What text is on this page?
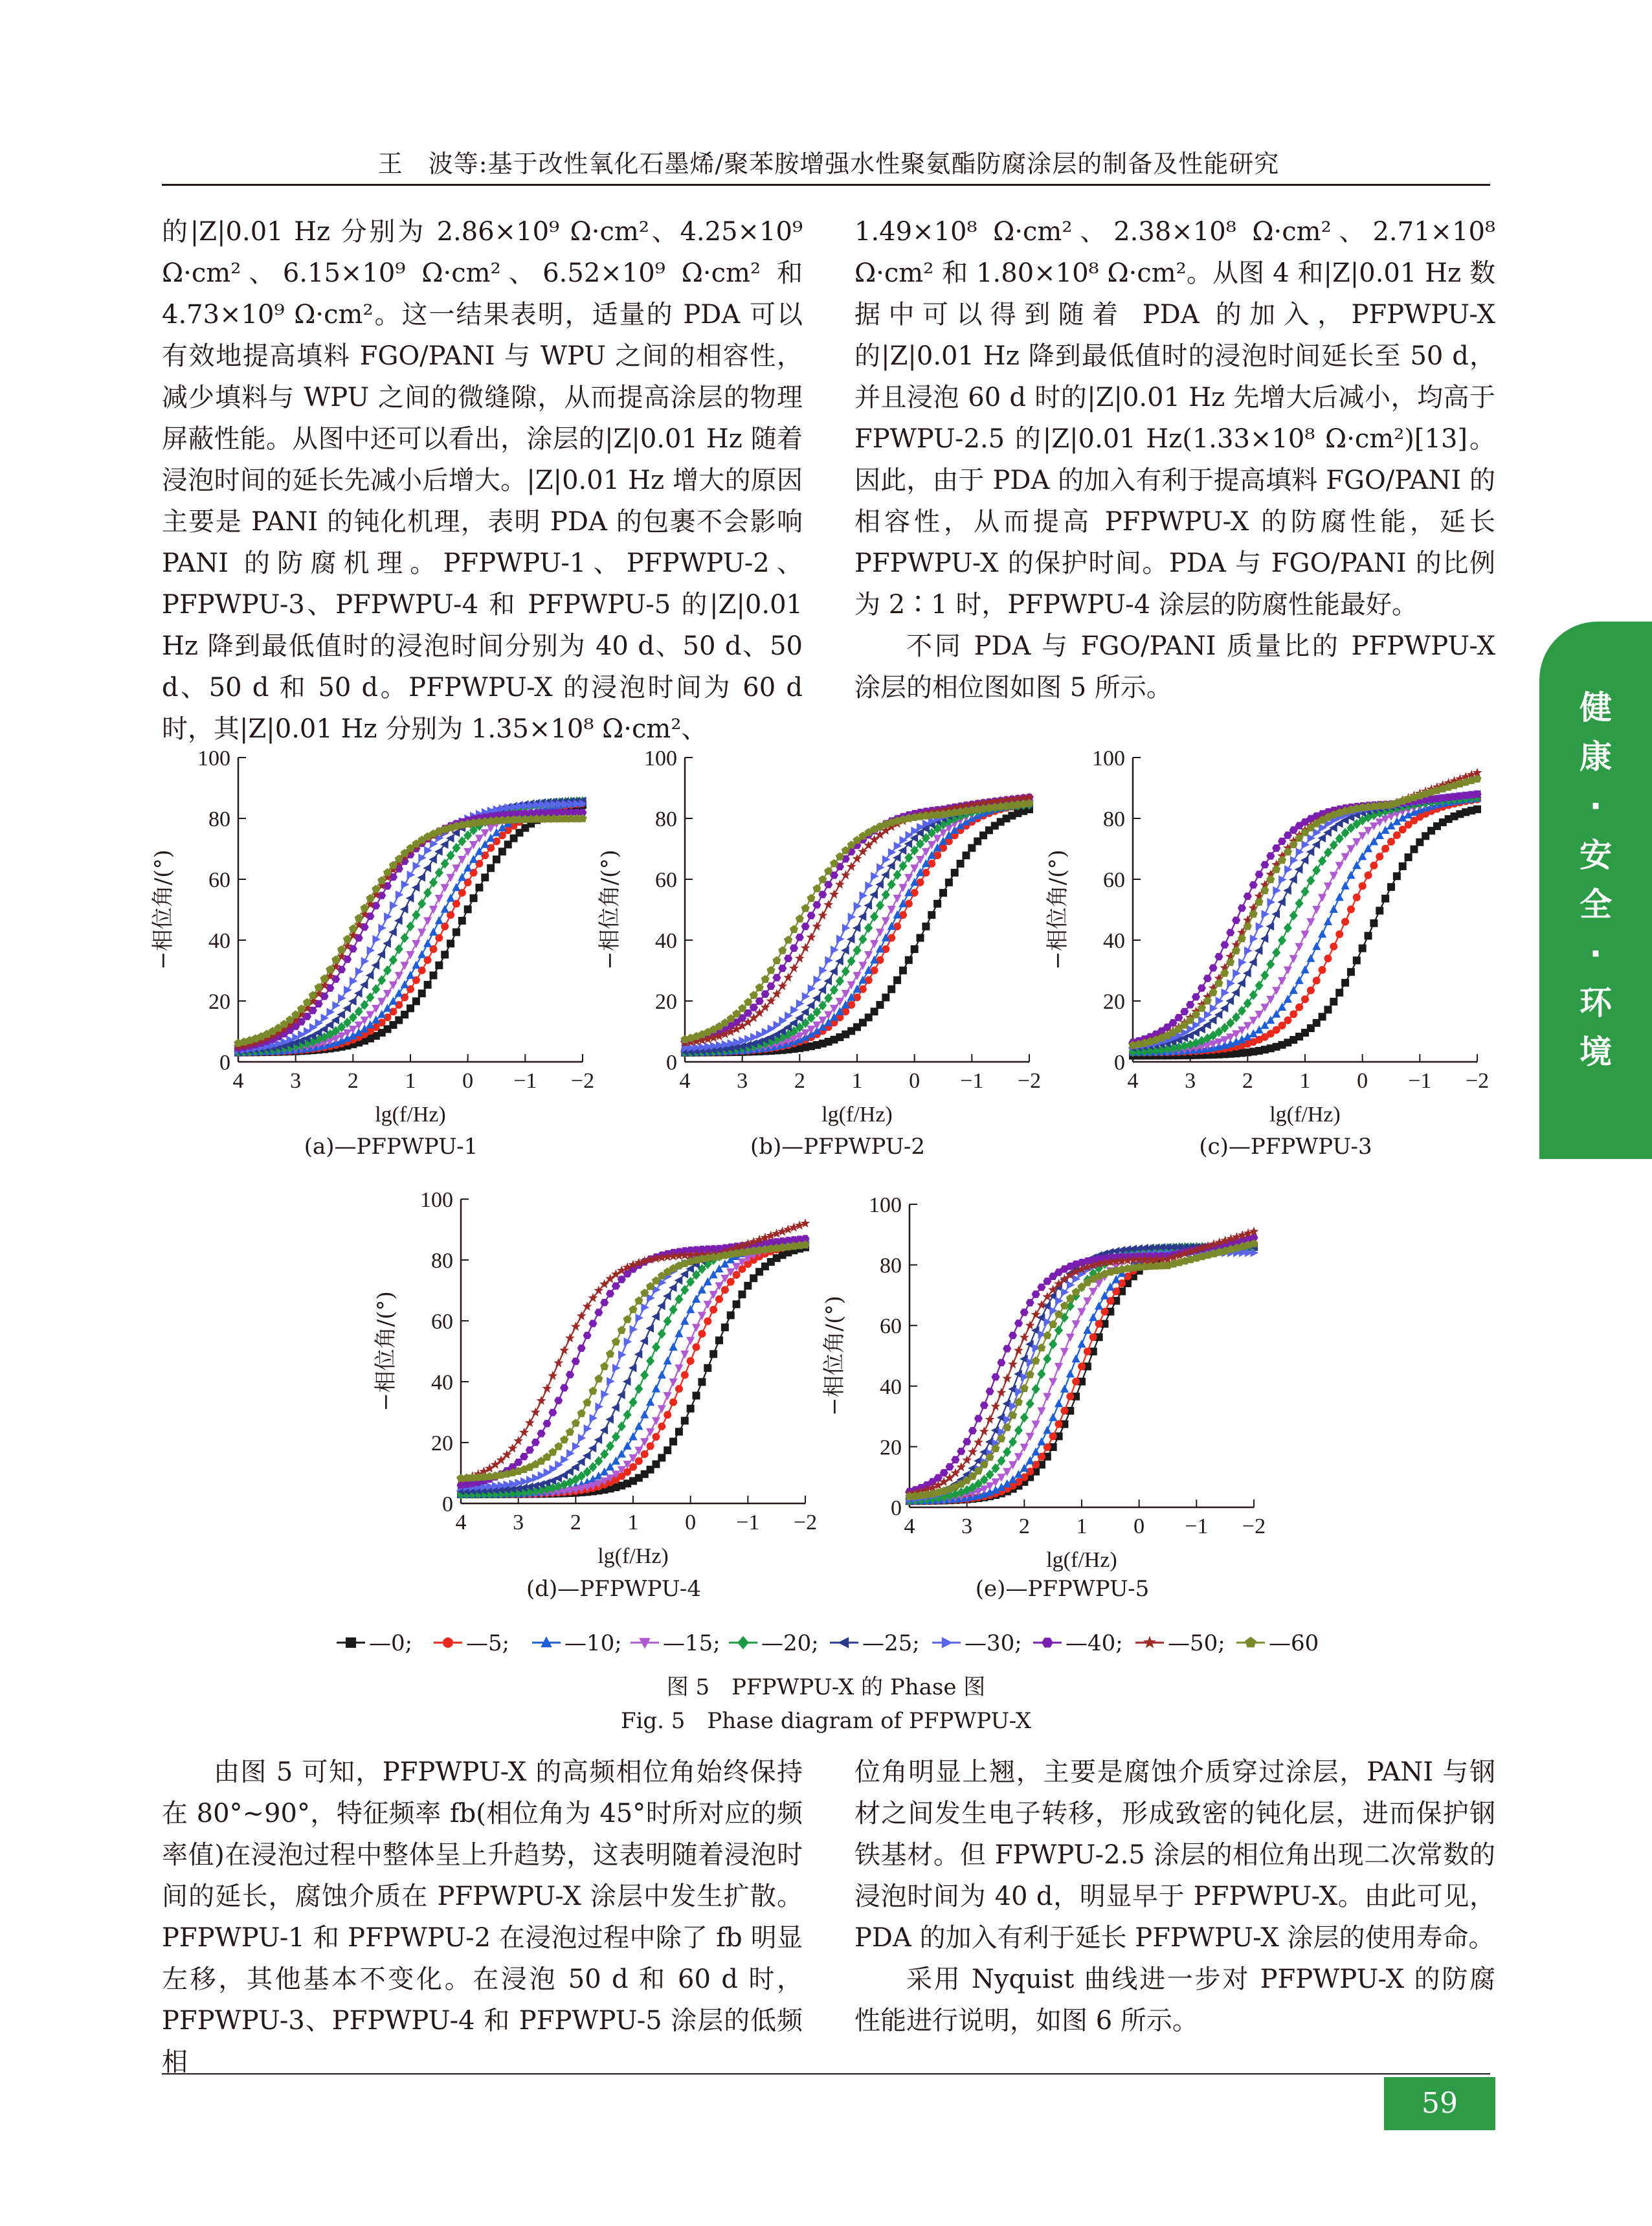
王　波等:基于改性氧化石墨烯/聚苯胺增强水性聚氨酯防腐涂层的制备及性能研究

的|Z|0.01 Hz 分别为 2.86×10⁹ Ω·cm²、4.25×10⁹ Ω·cm²、6.15×10⁹ Ω·cm²、6.52×10⁹ Ω·cm² 和 4.73×10⁹ Ω·cm²。这一结果表明，适量的 PDA 可以有效地提高填料 FGO/PANI 与 WPU 之间的相容性，减少填料与 WPU 之间的微缝隙，从而提高涂层的物理屏蔽性能。从图中还可以看出，涂层的|Z|0.01 Hz 随着浸泡时间的延长先减小后增大。|Z|0.01 Hz 增大的原因主要是 PANI 的钝化机理，表明 PDA 的包裹不会影响 PANI 的防腐机理。PFPWPU-1、PFPWPU-2、PFPWPU-3、PFPWPU-4 和 PFPWPU-5 的|Z|0.01 Hz 降到最低值时的浸泡时间分别为 40 d、50 d、50 d、50 d 和 50 d。PFPWPU-X 的浸泡时间为 60 d 时，其|Z|0.01 Hz 分别为 1.35×10⁸ Ω·cm²、

1.49×10⁸ Ω·cm²、2.38×10⁸ Ω·cm²、2.71×10⁸ Ω·cm² 和 1.80×10⁸ Ω·cm²。从图 4 和|Z|0.01 Hz 数据中可以得到随着 PDA 的加入，PFPWPU-X 的|Z|0.01 Hz 降到最低值时的浸泡时间延长至 50 d，并且浸泡 60 d 时的|Z|0.01 Hz 先增大后减小，均高于 FPWPU-2.5 的|Z|0.01 Hz(1.33×10⁸ Ω·cm²)[13]。因此，由于 PDA 的加入有利于提高填料 FGO/PANI 的相容性，从而提高 PFPWPU-X 的防腐性能，延长 PFPWPU-X 的保护时间。PDA 与 FGO/PANI 的比例为 2∶1 时，PFPWPU-4 涂层的防腐性能最好。

不同 PDA 与 FGO/PANI 质量比的 PFPWPU-X 涂层的相位图如图 5 所示。

健
康
·
安
全
·
环
境
0
20
40
60
80
100
4 3 2 1 0 −1 −2
lg(f/Hz)
−相位角/(°)
(a)—PFPWPU-1
0
20
40
60
80
100
4 3 2 1 0 −1 −2
lg(f/Hz)
−相位角/(°)
(b)—PFPWPU-2
0
20
40
60
80
100
4 3 2 1 0 −1 −2
lg(f/Hz)
−相位角/(°)
(c)—PFPWPU-3
0
20
40
60
80
100
4 3 2 1 0 −1 −2
lg(f/Hz)
−相位角/(°)
(d)—PFPWPU-4
0
20
40
60
80
100
4 3 2 1 0 −1 −2
lg(f/Hz)
−相位角/(°)
(e)—PFPWPU-5
—0; —5; —10; —15; —20; —25; —30; —40; —50; —60
图 5　PFPWPU-X 的 Phase 图
Fig. 5　Phase diagram of PFPWPU-X

由图 5 可知，PFPWPU-X 的高频相位角始终保持在 80°~90°，特征频率 fb(相位角为 45°时所对应的频率值)在浸泡过程中整体呈上升趋势，这表明随着浸泡时间的延长，腐蚀介质在 PFPWPU-X 涂层中发生扩散。PFPWPU-1 和 PFPWPU-2 在浸泡过程中除了 fb 明显左移，其他基本不变化。在浸泡 50 d 和 60 d 时，PFPWPU-3、PFPWPU-4 和 PFPWPU-5 涂层的低频相

位角明显上翘，主要是腐蚀介质穿过涂层，PANI 与钢材之间发生电子转移，形成致密的钝化层，进而保护钢铁基材。但 FPWPU-2.5 涂层的相位角出现二次常数的浸泡时间为 40 d，明显早于 PFPWPU-X。由此可见，PDA 的加入有利于延长 PFPWPU-X 涂层的使用寿命。

采用 Nyquist 曲线进一步对 PFPWPU-X 的防腐性能进行说明，如图 6 所示。

59
